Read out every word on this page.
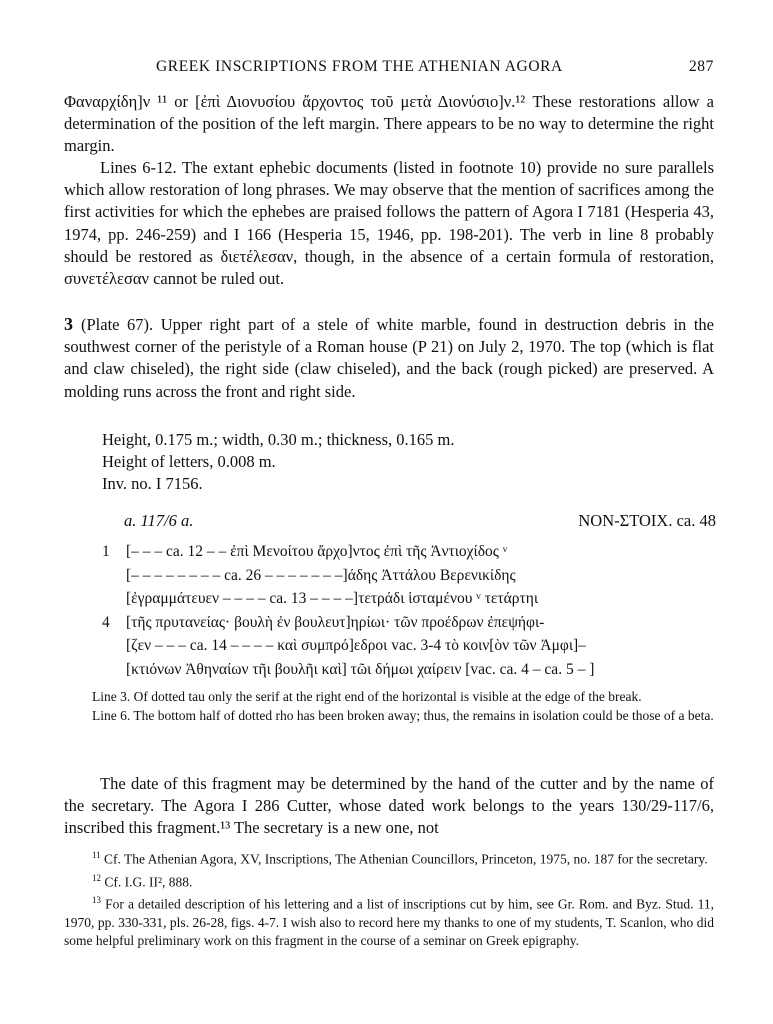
GREEK INSCRIPTIONS FROM THE ATHENIAN AGORA	287
Φαναρχίδη]ν ¹¹ or [ἐπὶ Διονυσίου ἄρχοντος τοῦ μετὰ Διονύσιο]ν.¹² These restorations allow a determination of the position of the left margin. There appears to be no way to determine the right margin.
Lines 6-12. The extant ephebic documents (listed in footnote 10) provide no sure parallels which allow restoration of long phrases. We may observe that the mention of sacrifices among the first activities for which the ephebes are praised follows the pattern of Agora I 7181 (Hesperia 43, 1974, pp. 246-259) and I 166 (Hesperia 15, 1946, pp. 198-201). The verb in line 8 probably should be restored as διετέλεσαν, though, in the absence of a certain formula of restoration, συνετέλεσαν cannot be ruled out.
3 (Plate 67). Upper right part of a stele of white marble, found in destruction debris in the southwest corner of the peristyle of a Roman house (P 21) on July 2, 1970. The top (which is flat and claw chiseled), the right side (claw chiseled), and the back (rough picked) are preserved. A molding runs across the front and right side.
Height, 0.175 m.; width, 0.30 m.; thickness, 0.165 m.
Height of letters, 0.008 m.
Inv. no. I 7156.
a. 117/6 a.	NON-ΣΤΟΙΧ. ca. 48
1	[– – – ca. 12 – – ἐπὶ Μενοίτου ἄρχο]ντος ἐπὶ τῆς Ἀντιοχίδος ᵛ
[– – – – – – – – ca. 26 – – – – – – –]άδης Ἀττάλου Βερενικίδης
[ἐγραμμάτευεν – – – – ca. 13 – – – –]τετράδι ἱσταμένου ᵛ τετάρτηι
4	[τῆς πρυτανείας· βουλὴ ἐν βουλευτ]ηρίωι· τῶν προέδρων ἐπεψήφι-
[ζεν – – – ca. 14 – – – – καὶ συμπρό]εδροι vac. 3-4 τὸ κοιν[ὸν τῶν Ἀμφι]–
[κτιόνων Ἀθηναίων τῆι βουλῆι καὶ] τῶι δήμωι χαίρειν [vac. ca. 4 – ca. 5 – ]

Line 3. Of dotted tau only the serif at the right end of the horizontal is visible at the edge of the break.

Line 6. The bottom half of dotted rho has been broken away; thus, the remains in isolation could be those of a beta.

The date of this fragment may be determined by the hand of the cutter and by the name of the secretary. The Agora I 286 Cutter, whose dated work belongs to the years 130/29-117/6, inscribed this fragment.¹³ The secretary is a new one, not

$^{11}$ Cf. The Athenian Agora, XV, Inscriptions, The Athenian Councillors, Princeton, 1975, no. 187 for the secretary.

$^{12}$ Cf. I.G. II², 888.

$^{13}$ For a detailed description of his lettering and a list of inscriptions cut by him, see Gr. Rom. and Byz. Stud. 11, 1970, pp. 330-331, pls. 26-28, figs. 4-7. I wish also to record here my thanks to one of my students, T. Scanlon, who did some helpful preliminary work on this fragment in the course of a seminar on Greek epigraphy.
